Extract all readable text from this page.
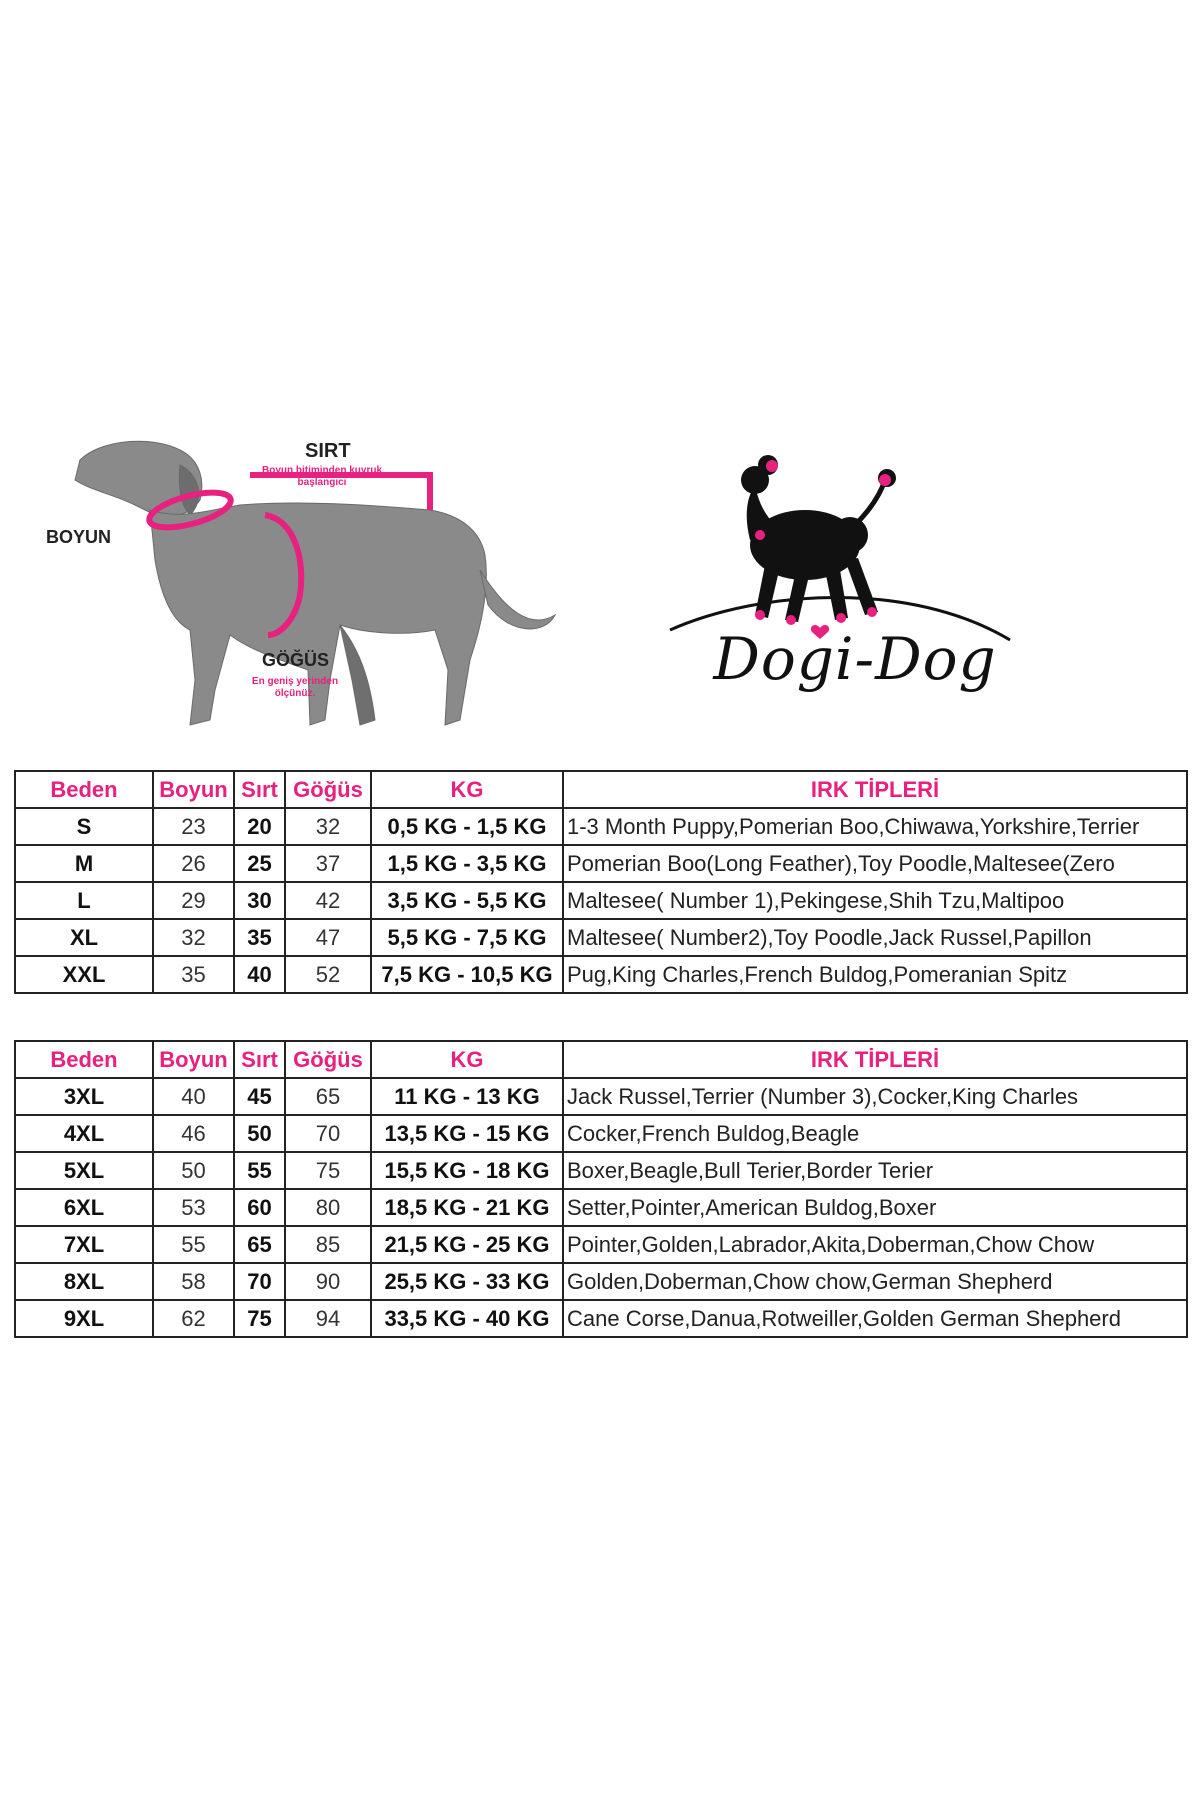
SIRT
Boyun bitiminden kuyruk başlangıcı
BOYUN
GÖĞÜS
En geniş yerinden ölçünüz.
Dogi-Dog
Beden	Boyun	Sırt	Göğüs	KG	IRK TİPLERİ
S	23	20	32	0,5 KG - 1,5 KG	1-3 Month Puppy,Pomerian Boo,Chiwawa,Yorkshire,Terrier
M	26	25	37	1,5 KG - 3,5 KG	Pomerian Boo(Long Feather),Toy Poodle,Maltesee(Zero
L	29	30	42	3,5 KG - 5,5 KG	Maltesee( Number 1),Pekingese,Shih Tzu,Maltipoo
XL	32	35	47	5,5 KG - 7,5 KG	Maltesee( Number2),Toy Poodle,Jack Russel,Papillon
XXL	35	40	52	7,5 KG - 10,5 KG	Pug,King Charles,French Buldog,Pomeranian Spitz
Beden	Boyun	Sırt	Göğüs	KG	IRK TİPLERİ
3XL	40	45	65	11 KG - 13 KG	Jack Russel,Terrier (Number 3),Cocker,King Charles
4XL	46	50	70	13,5 KG - 15 KG	Cocker,French Buldog,Beagle
5XL	50	55	75	15,5 KG - 18 KG	Boxer,Beagle,Bull Terier,Border Terier
6XL	53	60	80	18,5 KG - 21 KG	Setter,Pointer,American Buldog,Boxer
7XL	55	65	85	21,5 KG - 25 KG	Pointer,Golden,Labrador,Akita,Doberman,Chow Chow
8XL	58	70	90	25,5 KG - 33 KG	Golden,Doberman,Chow chow,German Shepherd
9XL	62	75	94	33,5 KG - 40 KG	Cane Corse,Danua,Rotweiller,Golden German Shepherd
